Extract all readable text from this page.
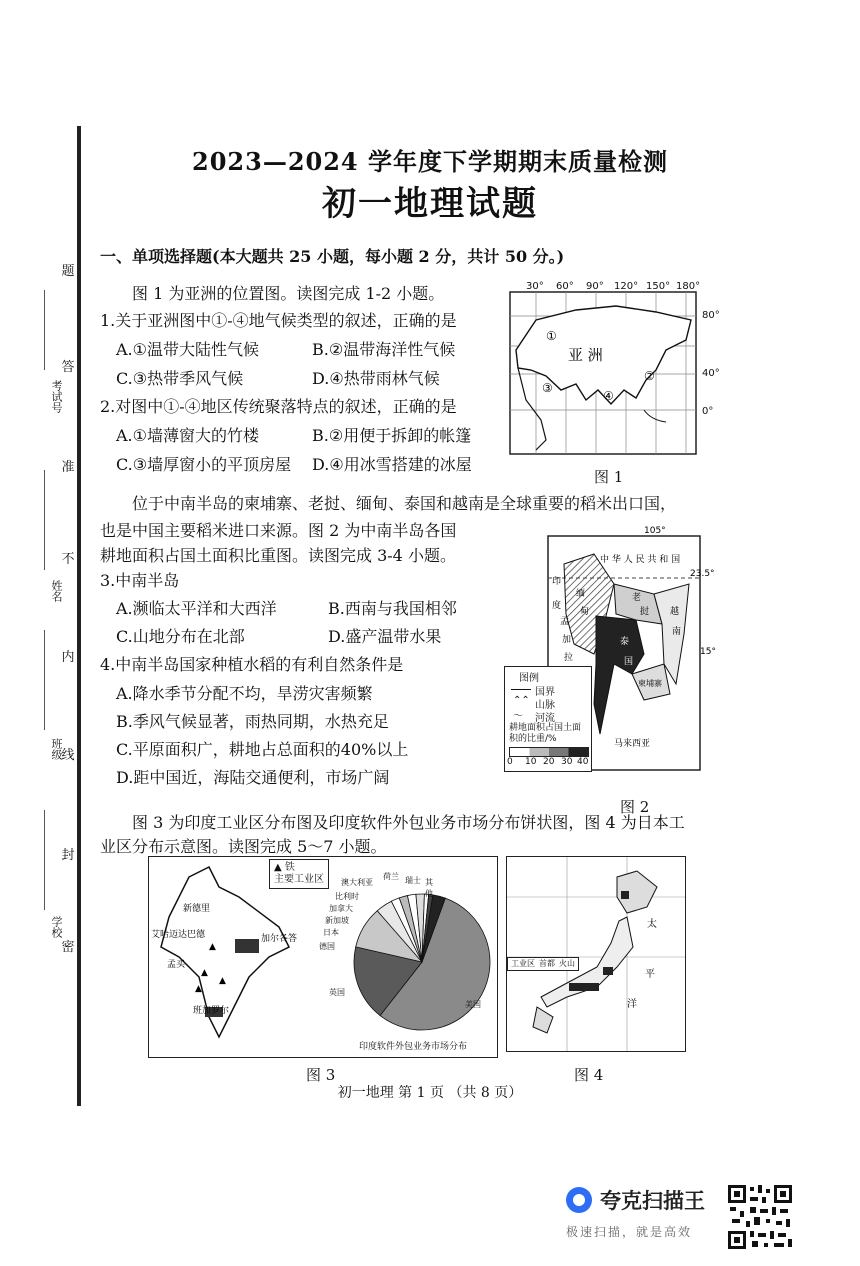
题
答
准
不
内
线
封
密
考试号
姓名
班级
学校
2023—2024 学年度下学期期末质量检测
初一地理试题
一、单项选择题(本大题共 25 小题，每小题 2 分，共计 50 分。)
图 1 为亚洲的位置图。读图完成 1-2 小题。
1.关于亚洲图中①-④地气候类型的叙述，正确的是
A.①温带大陆性气候	B.②温带海洋性气候
C.③热带季风气候	D.④热带雨林气候
2.对图中①-④地区传统聚落特点的叙述，正确的是
A.①墙薄窗大的竹楼	B.②用便于拆卸的帐篷
C.③墙厚窗小的平顶房屋 D.④用冰雪搭建的冰屋
30° 60° 90° 120° 150° 180°
80°
40°
0°
亚 洲
①
②
③
④
图 1
位于中南半岛的柬埔寨、老挝、缅甸、泰国和越南是全球重要的稻米出口国，
也是中国主要稻米进口来源。图 2 为中南半岛各国
耕地面积占国土面积比重图。读图完成 3-4 小题。
3.中南半岛
A.濒临太平洋和大西洋	B.西南与我国相邻
C.山地分布在北部	D.盛产温带水果
4.中南半岛国家种植水稻的有利自然条件是
A.降水季节分配不均，旱涝灾害频繁
B.季风气候显著，雨热同期，水热充足
C.平原面积广，耕地占总面积的40%以上
D.距中国近，海陆交通便利，市场广阔
105°
23.5°
15°
中 华 人 民 共 和 国
印
度
孟
加
拉
缅
甸
泰
国
老
挝
柬埔寨
越
南
马来西亚
图例
国界
山脉
⌃⌃
河流
～
耕地面积占国土面积的比重/%
0 10 20 30 40
图 2
图 3 为印度工业区分布图及印度软件外包业务市场分布饼状图，图 4 为日本工
业区分布示意图。读图完成 5～7 小题。
新德里
艾哈迈达巴德	加尔各答
孟买
班加罗尔
▲
▲
▲
▲
▲ 铁
主要工业区 澳大利亚
荷兰 瑞士 其他
比利时
加拿大
新加坡
日本
德国
英国
美国
印度软件外包业务市场分布
图 3
太
平
洋
工业区 首都 火山
图 4
初一地理 第 1 页 （共 8 页）
夸克扫描王
极速扫描，就是高效
